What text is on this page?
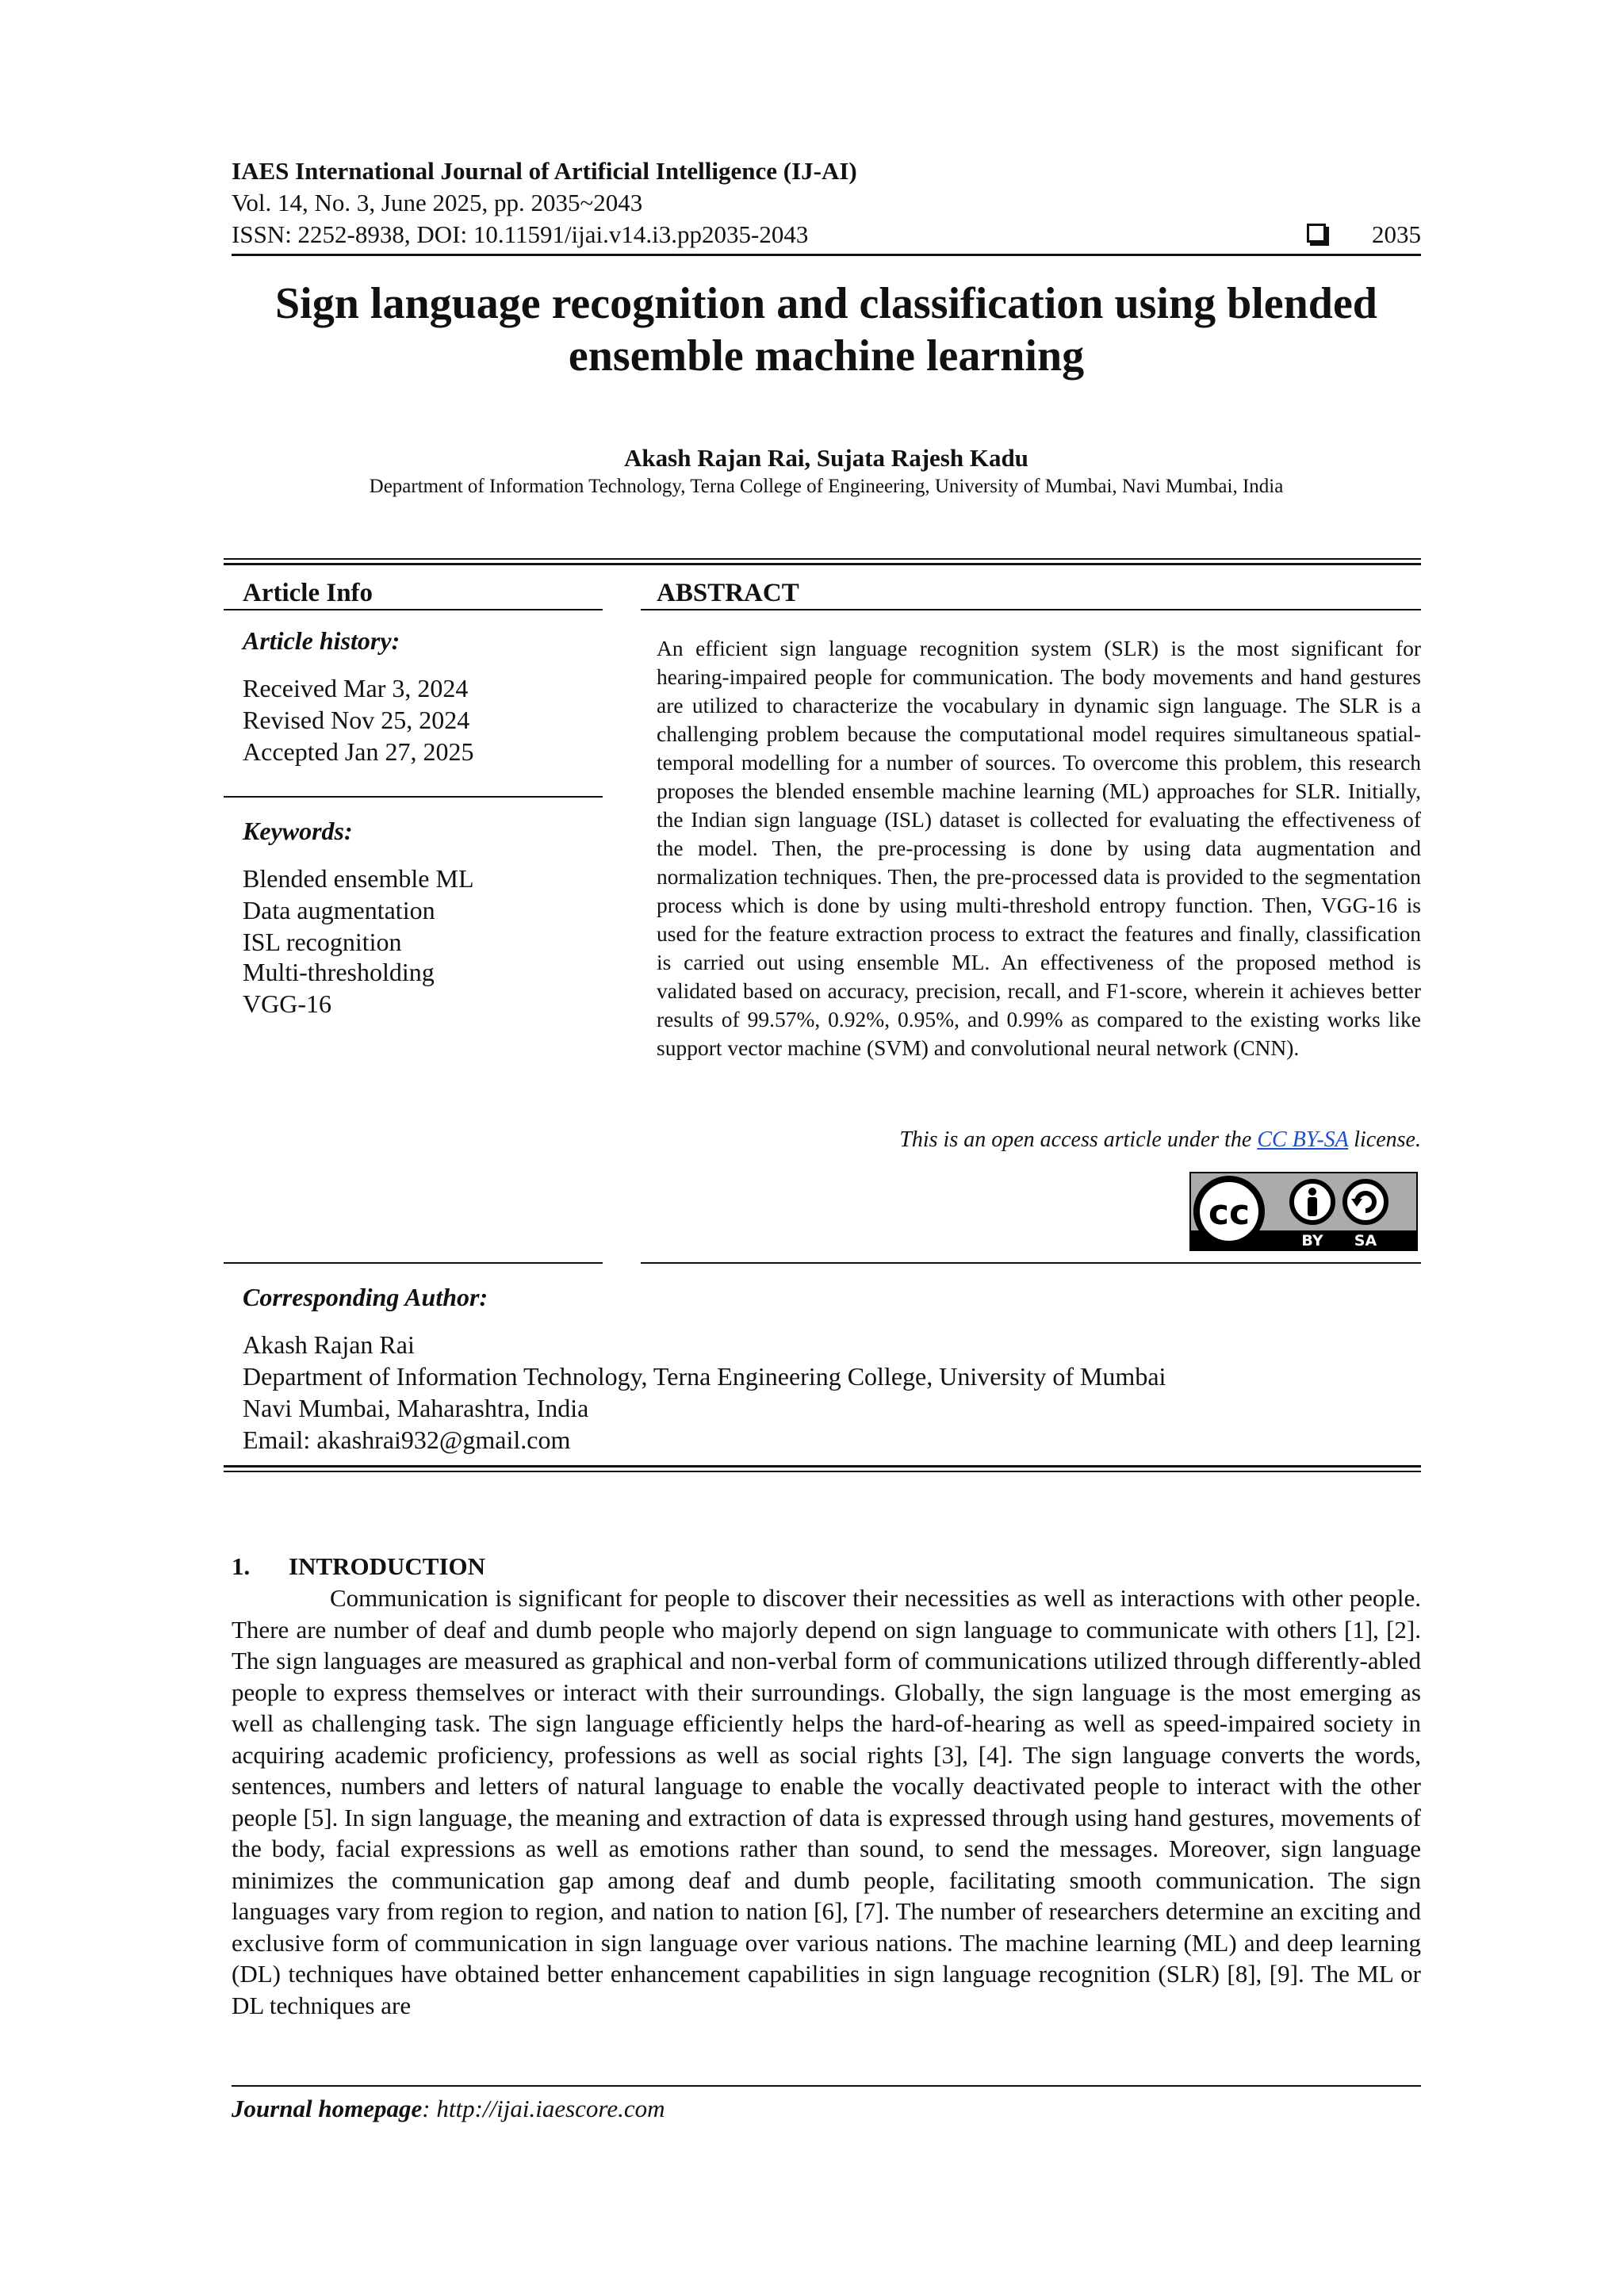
IAES International Journal of Artificial Intelligence (IJ-AI)
Vol. 14, No. 3, June 2025, pp. 2035~2043
ISSN: 2252-8938, DOI: 10.11591/ijai.v14.i3.pp2035-2043	2035
Sign language recognition and classification using blended ensemble machine learning
Akash Rajan Rai, Sujata Rajesh Kadu
Department of Information Technology, Terna College of Engineering, University of Mumbai, Navi Mumbai, India
Article Info
Article history:
Received Mar 3, 2024
Revised Nov 25, 2024
Accepted Jan 27, 2025
Keywords:
Blended ensemble ML
Data augmentation
ISL recognition
Multi-thresholding
VGG-16
ABSTRACT
An efficient sign language recognition system (SLR) is the most significant for hearing-impaired people for communication. The body movements and hand gestures are utilized to characterize the vocabulary in dynamic sign language. The SLR is a challenging problem because the computational model requires simultaneous spatial-temporal modelling for a number of sources. To overcome this problem, this research proposes the blended ensemble machine learning (ML) approaches for SLR. Initially, the Indian sign language (ISL) dataset is collected for evaluating the effectiveness of the model. Then, the pre-processing is done by using data augmentation and normalization techniques. Then, the pre-processed data is provided to the segmentation process which is done by using multi-threshold entropy function. Then, VGG-16 is used for the feature extraction process to extract the features and finally, classification is carried out using ensemble ML. An effectiveness of the proposed method is validated based on accuracy, precision, recall, and F1-score, wherein it achieves better results of 99.57%, 0.92%, 0.95%, and 0.99% as compared to the existing works like support vector machine (SVM) and convolutional neural network (CNN).
This is an open access article under the CC BY-SA license.
cc
BY SA
Corresponding Author:
Akash Rajan Rai
Department of Information Technology, Terna Engineering College, University of Mumbai
Navi Mumbai, Maharashtra, India
Email: akashrai932@gmail.com
1. INTRODUCTION
Communication is significant for people to discover their necessities as well as interactions with other people. There are number of deaf and dumb people who majorly depend on sign language to communicate with others [1], [2]. The sign languages are measured as graphical and non-verbal form of communications utilized through differently-abled people to express themselves or interact with their surroundings. Globally, the sign language is the most emerging as well as challenging task. The sign language efficiently helps the hard-of-hearing as well as speed-impaired society in acquiring academic proficiency, professions as well as social rights [3], [4]. The sign language converts the words, sentences, numbers and letters of natural language to enable the vocally deactivated people to interact with the other people [5]. In sign language, the meaning and extraction of data is expressed through using hand gestures, movements of the body, facial expressions as well as emotions rather than sound, to send the messages. Moreover, sign language minimizes the communication gap among deaf and dumb people, facilitating smooth communication. The sign languages vary from region to region, and nation to nation [6], [7]. The number of researchers determine an exciting and exclusive form of communication in sign language over various nations. The machine learning (ML) and deep learning (DL) techniques have obtained better enhancement capabilities in sign language recognition (SLR) [8], [9]. The ML or DL techniques are
Journal homepage: http://ijai.iaescore.com
